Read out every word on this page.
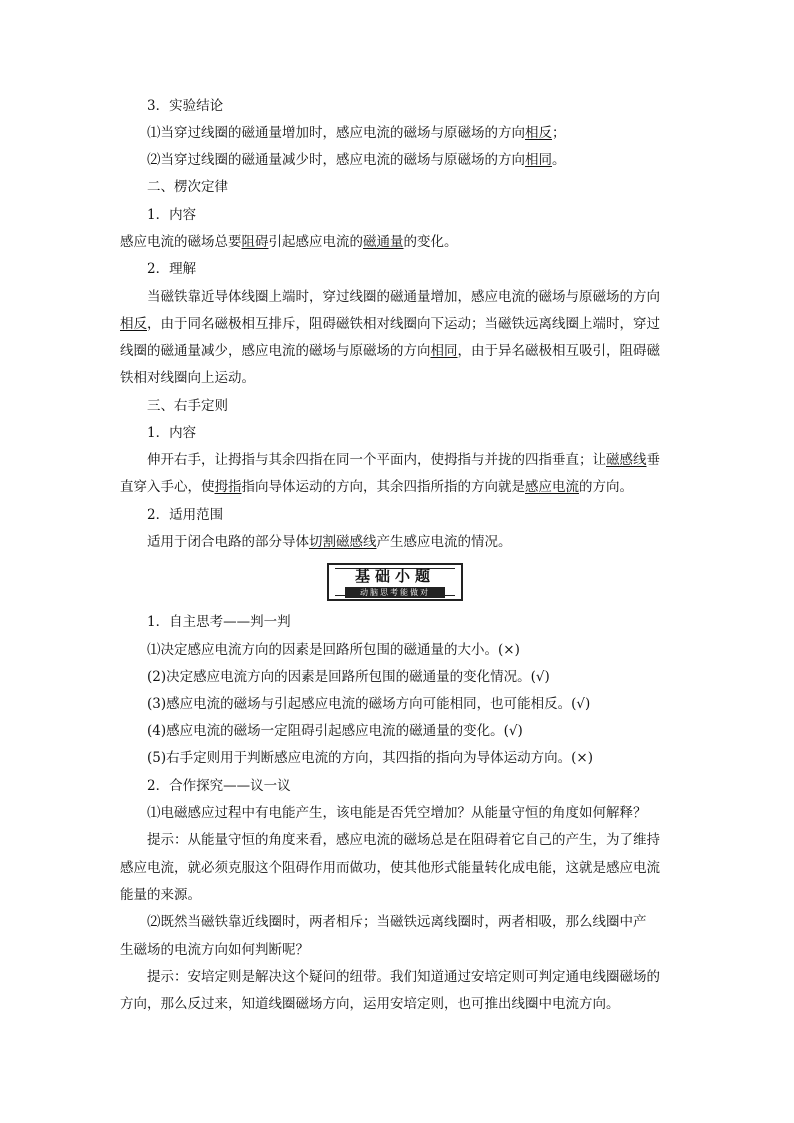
3．实验结论
⑴当穿过线圈的磁通量增加时，感应电流的磁场与原磁场的方向相反；
⑵当穿过线圈的磁通量减少时，感应电流的磁场与原磁场的方向相同。
二、楞次定律
1．内容
感应电流的磁场总要阻碍引起感应电流的磁通量的变化。
2．理解
当磁铁靠近导体线圈上端时，穿过线圈的磁通量增加，感应电流的磁场与原磁场的方向
相反，由于同名磁极相互排斥，阻碍磁铁相对线圈向下运动；当磁铁远离线圈上端时，穿过
线圈的磁通量减少，感应电流的磁场与原磁场的方向相同，由于异名磁极相互吸引，阻碍磁
铁相对线圈向上运动。
三、右手定则
1．内容
伸开右手，让拇指与其余四指在同一个平面内，使拇指与并拢的四指垂直；让磁感线垂
直穿入手心，使拇指指向导体运动的方向，其余四指所指的方向就是感应电流的方向。
2．适用范围
适用于闭合电路的部分导体切割磁感线产生感应电流的情况。
基础小题
动脑思考能做对
1．自主思考——判一判
⑴决定感应电流方向的因素是回路所包围的磁通量的大小。(×)
(2)决定感应电流方向的因素是回路所包围的磁通量的变化情况。(√)
(3)感应电流的磁场与引起感应电流的磁场方向可能相同，也可能相反。(√)
(4)感应电流的磁场一定阻碍引起感应电流的磁通量的变化。(√)
(5)右手定则用于判断感应电流的方向，其四指的指向为导体运动方向。(×)
2．合作探究——议一议
⑴电磁感应过程中有电能产生，该电能是否凭空增加？从能量守恒的角度如何解释？
提示：从能量守恒的角度来看，感应电流的磁场总是在阻碍着它自己的产生，为了维持
感应电流，就必须克服这个阻碍作用而做功，使其他形式能量转化成电能，这就是感应电流
能量的来源。
⑵既然当磁铁靠近线圈时，两者相斥；当磁铁远离线圈时，两者相吸，那么线圈中产
生磁场的电流方向如何判断呢？
提示：安培定则是解决这个疑问的纽带。我们知道通过安培定则可判定通电线圈磁场的
方向，那么反过来，知道线圈磁场方向，运用安培定则，也可推出线圈中电流方向。
